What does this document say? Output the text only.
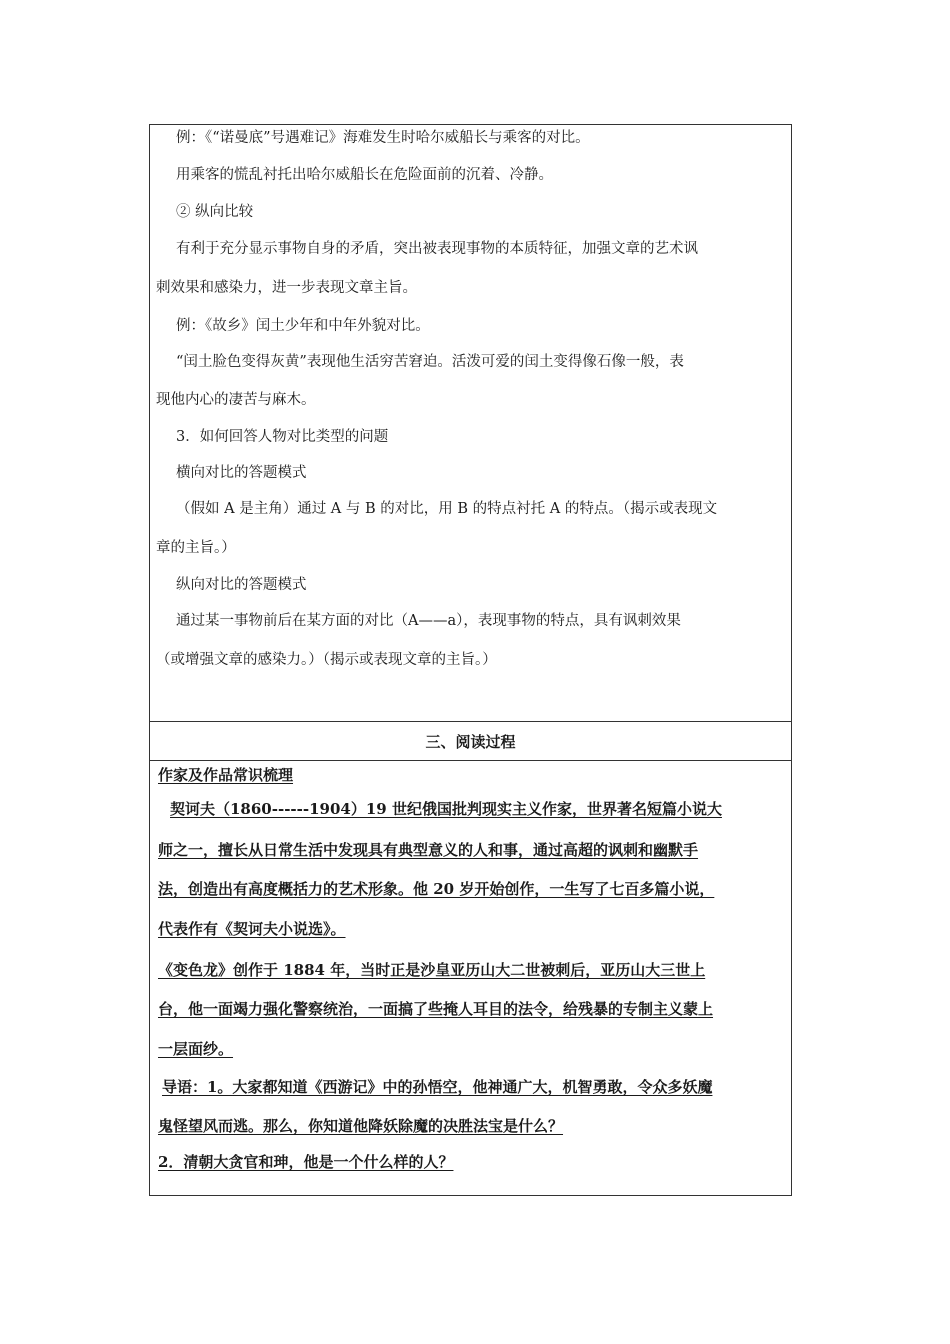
例：《“诺曼底”号遇难记》海难发生时哈尔威船长与乘客的对比。
用乘客的慌乱衬托出哈尔威船长在危险面前的沉着、冷静。
② 纵向比较
有利于充分显示事物自身的矛盾，突出被表现事物的本质特征，加强文章的艺术讽
刺效果和感染力，进一步表现文章主旨。
例：《故乡》闰土少年和中年外貌对比。
“闰土脸色变得灰黄”表现他生活穷苦窘迫。活泼可爱的闰土变得像石像一般，表
现他内心的凄苦与麻木。
3．如何回答人物对比类型的问题
横向对比的答题模式
（假如 A 是主角）通过 A 与 B 的对比，用 B 的特点衬托 A 的特点。（揭示或表现文
章的主旨。）
纵向对比的答题模式
通过某一事物前后在某方面的对比（A——a），表现事物的特点，具有讽刺效果
（或增强文章的感染力。）（揭示或表现文章的主旨。）
三、阅读过程
作家及作品常识梳理
契诃夫（1860------1904）19 世纪俄国批判现实主义作家，世界著名短篇小说大
师之一，擅长从日常生活中发现具有典型意义的人和事，通过高超的讽刺和幽默手
法，创造出有高度概括力的艺术形象。他 20 岁开始创作，一生写了七百多篇小说，
代表作有《契诃夫小说选》。
《变色龙》创作于 1884 年，当时正是沙皇亚历山大二世被刺后，亚历山大三世上
台，他一面竭力强化警察统治，一面搞了些掩人耳目的法令，给残暴的专制主义蒙上
一层面纱。
导语：1。大家都知道《西游记》中的孙悟空，他神通广大，机智勇敢，令众多妖魔
鬼怪望风而逃。那么，你知道他降妖除魔的决胜法宝是什么？
2．清朝大贪官和珅，他是一个什么样的人？
